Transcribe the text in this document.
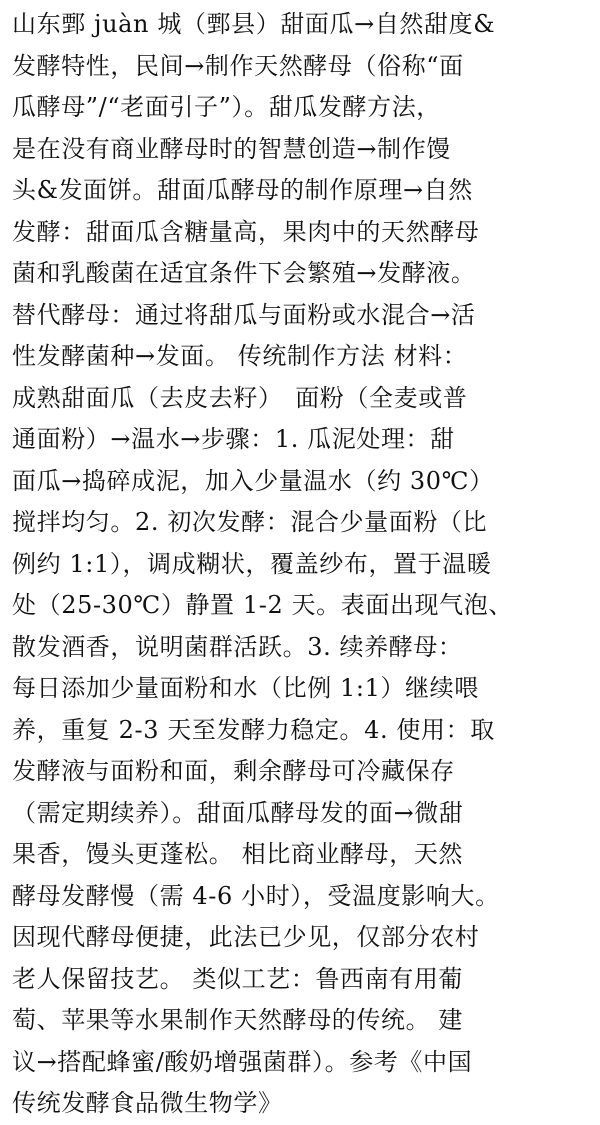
山东鄄 juàn 城（鄄县）甜面瓜→自然甜度&
发酵特性，民间→制作天然酵母（俗称“面
瓜酵母”/“老面引子”）。甜瓜发酵方法，
是在没有商业酵母时的智慧创造→制作馒
头&发面饼。甜面瓜酵母的制作原理→自然
发酵：甜面瓜含糖量高，果肉中的天然酵母
菌和乳酸菌在适宜条件下会繁殖→发酵液。
替代酵母：通过将甜瓜与面粉或水混合→活
性发酵菌种→发面。 传统制作方法 材料：
成熟甜面瓜（去皮去籽）　面粉（全麦或普
通面粉）→温水→步骤：1. 瓜泥处理：甜
面瓜→捣碎成泥，加入少量温水（约 30℃）
搅拌均匀。2. 初次发酵：混合少量面粉（比
例约 1:1），调成糊状，覆盖纱布，置于温暖
处（25-30℃）静置 1-2 天。表面出现气泡、
散发酒香，说明菌群活跃。3. 续养酵母：
每日添加少量面粉和水（比例 1:1）继续喂
养，重复 2-3 天至发酵力稳定。4. 使用：取
发酵液与面粉和面，剩余酵母可冷藏保存
（需定期续养）。甜面瓜酵母发的面→微甜
果香，馒头更蓬松。 相比商业酵母，天然
酵母发酵慢（需 4-6 小时），受温度影响大。
因现代酵母便捷，此法已少见，仅部分农村
老人保留技艺。 类似工艺：鲁西南有用葡
萄、苹果等水果制作天然酵母的传统。 建
议→搭配蜂蜜/酸奶增强菌群）。参考《中国
传统发酵食品微生物学》
